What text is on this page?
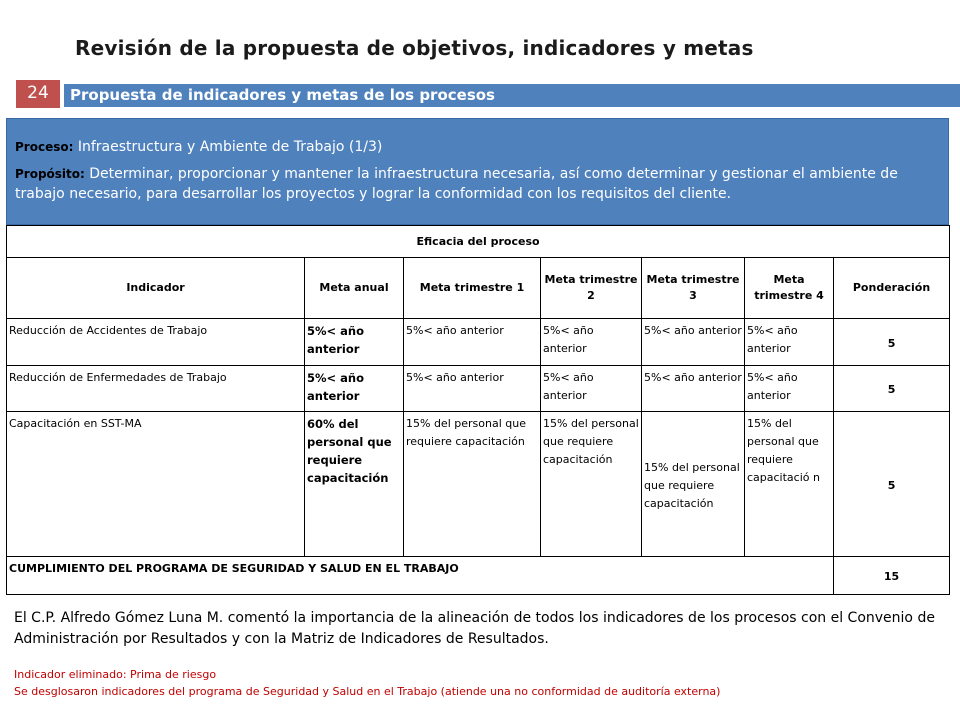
Revisión de la propuesta de objetivos, indicadores y metas
24	Propuesta de indicadores y metas de los procesos

Proceso: Infraestructura y Ambiente de Trabajo (1/3)

Propósito: Determinar, proporcionar y mantener la infraestructura necesaria, así como determinar y gestionar el ambiente de trabajo necesario, para desarrollar los proyectos y lograr la conformidad con los requisitos del cliente.

Eficacia del proceso						
Indicador	Meta anual	Meta trimestre 1	Meta trimestre 2	Meta trimestre 3	Meta trimestre 4	Ponderación
Reducción de Accidentes de Trabajo	5%< año anterior	5%< año anterior	5%< año anterior	5%< año anterior	5%< año anterior	5
Reducción de Enfermedades de Trabajo	5%< año anterior	5%< año anterior	5%< año anterior	5%< año anterior	5%< año anterior	5
Capacitación en SST-MA	60% del personal que requiere capacitación	15% del personal que requiere capacitación	15% del personal que requiere capacitación	15% del personal que requiere capacitación	15% del personal que requiere capacitació n	5
CUMPLIMIENTO DEL PROGRAMA DE SEGURIDAD Y SALUD EN EL TRABAJO						15
El C.P. Alfredo Gómez Luna M. comentó la importancia de la alineación de todos los indicadores de los procesos con el Convenio de Administración por Resultados y con la Matriz de Indicadores de Resultados.
Indicador eliminado: Prima de riesgo
Se desglosaron indicadores del programa de Seguridad y Salud en el Trabajo (atiende una no conformidad de auditoría externa)
